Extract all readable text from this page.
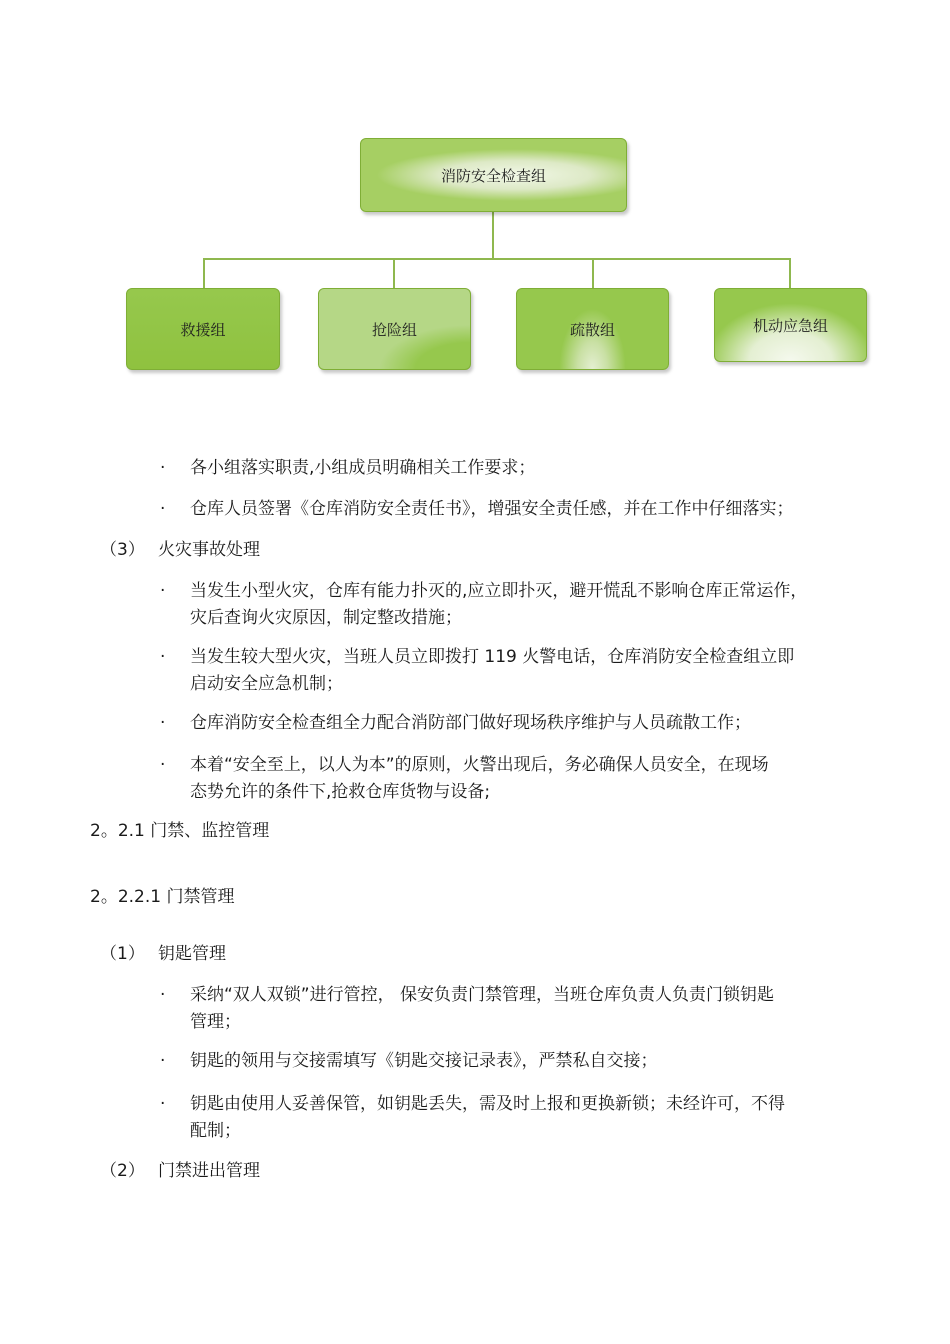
消防安全检查组
救援组	抢险组	疏散组	机动应急组
· 各小组落实职责,小组成员明确相关工作要求；
· 仓库人员签署《仓库消防安全责任书》，增强安全责任感，并在工作中仔细落实；
（3） 火灾事故处理
· 当发生小型火灾，仓库有能力扑灭的,应立即扑灭，避开慌乱不影响仓库正常运作，
灾后查询火灾原因，制定整改措施；
· 当发生较大型火灾，当班人员立即拨打 119 火警电话，仓库消防安全检查组立即
启动安全应急机制；
· 仓库消防安全检查组全力配合消防部门做好现场秩序维护与人员疏散工作；
· 本着“安全至上，以人为本”的原则，火警出现后，务必确保人员安全，在现场
态势允许的条件下,抢救仓库货物与设备;
2。2.1 门禁、监控管理
2。2.2.1 门禁管理
（1） 钥匙管理
· 采纳“双人双锁”进行管控， 保安负责门禁管理，当班仓库负责人负责门锁钥匙
管理；
· 钥匙的领用与交接需填写《钥匙交接记录表》，严禁私自交接；
· 钥匙由使用人妥善保管，如钥匙丢失，需及时上报和更换新锁；未经许可，不得
配制；
（2） 门禁进出管理
